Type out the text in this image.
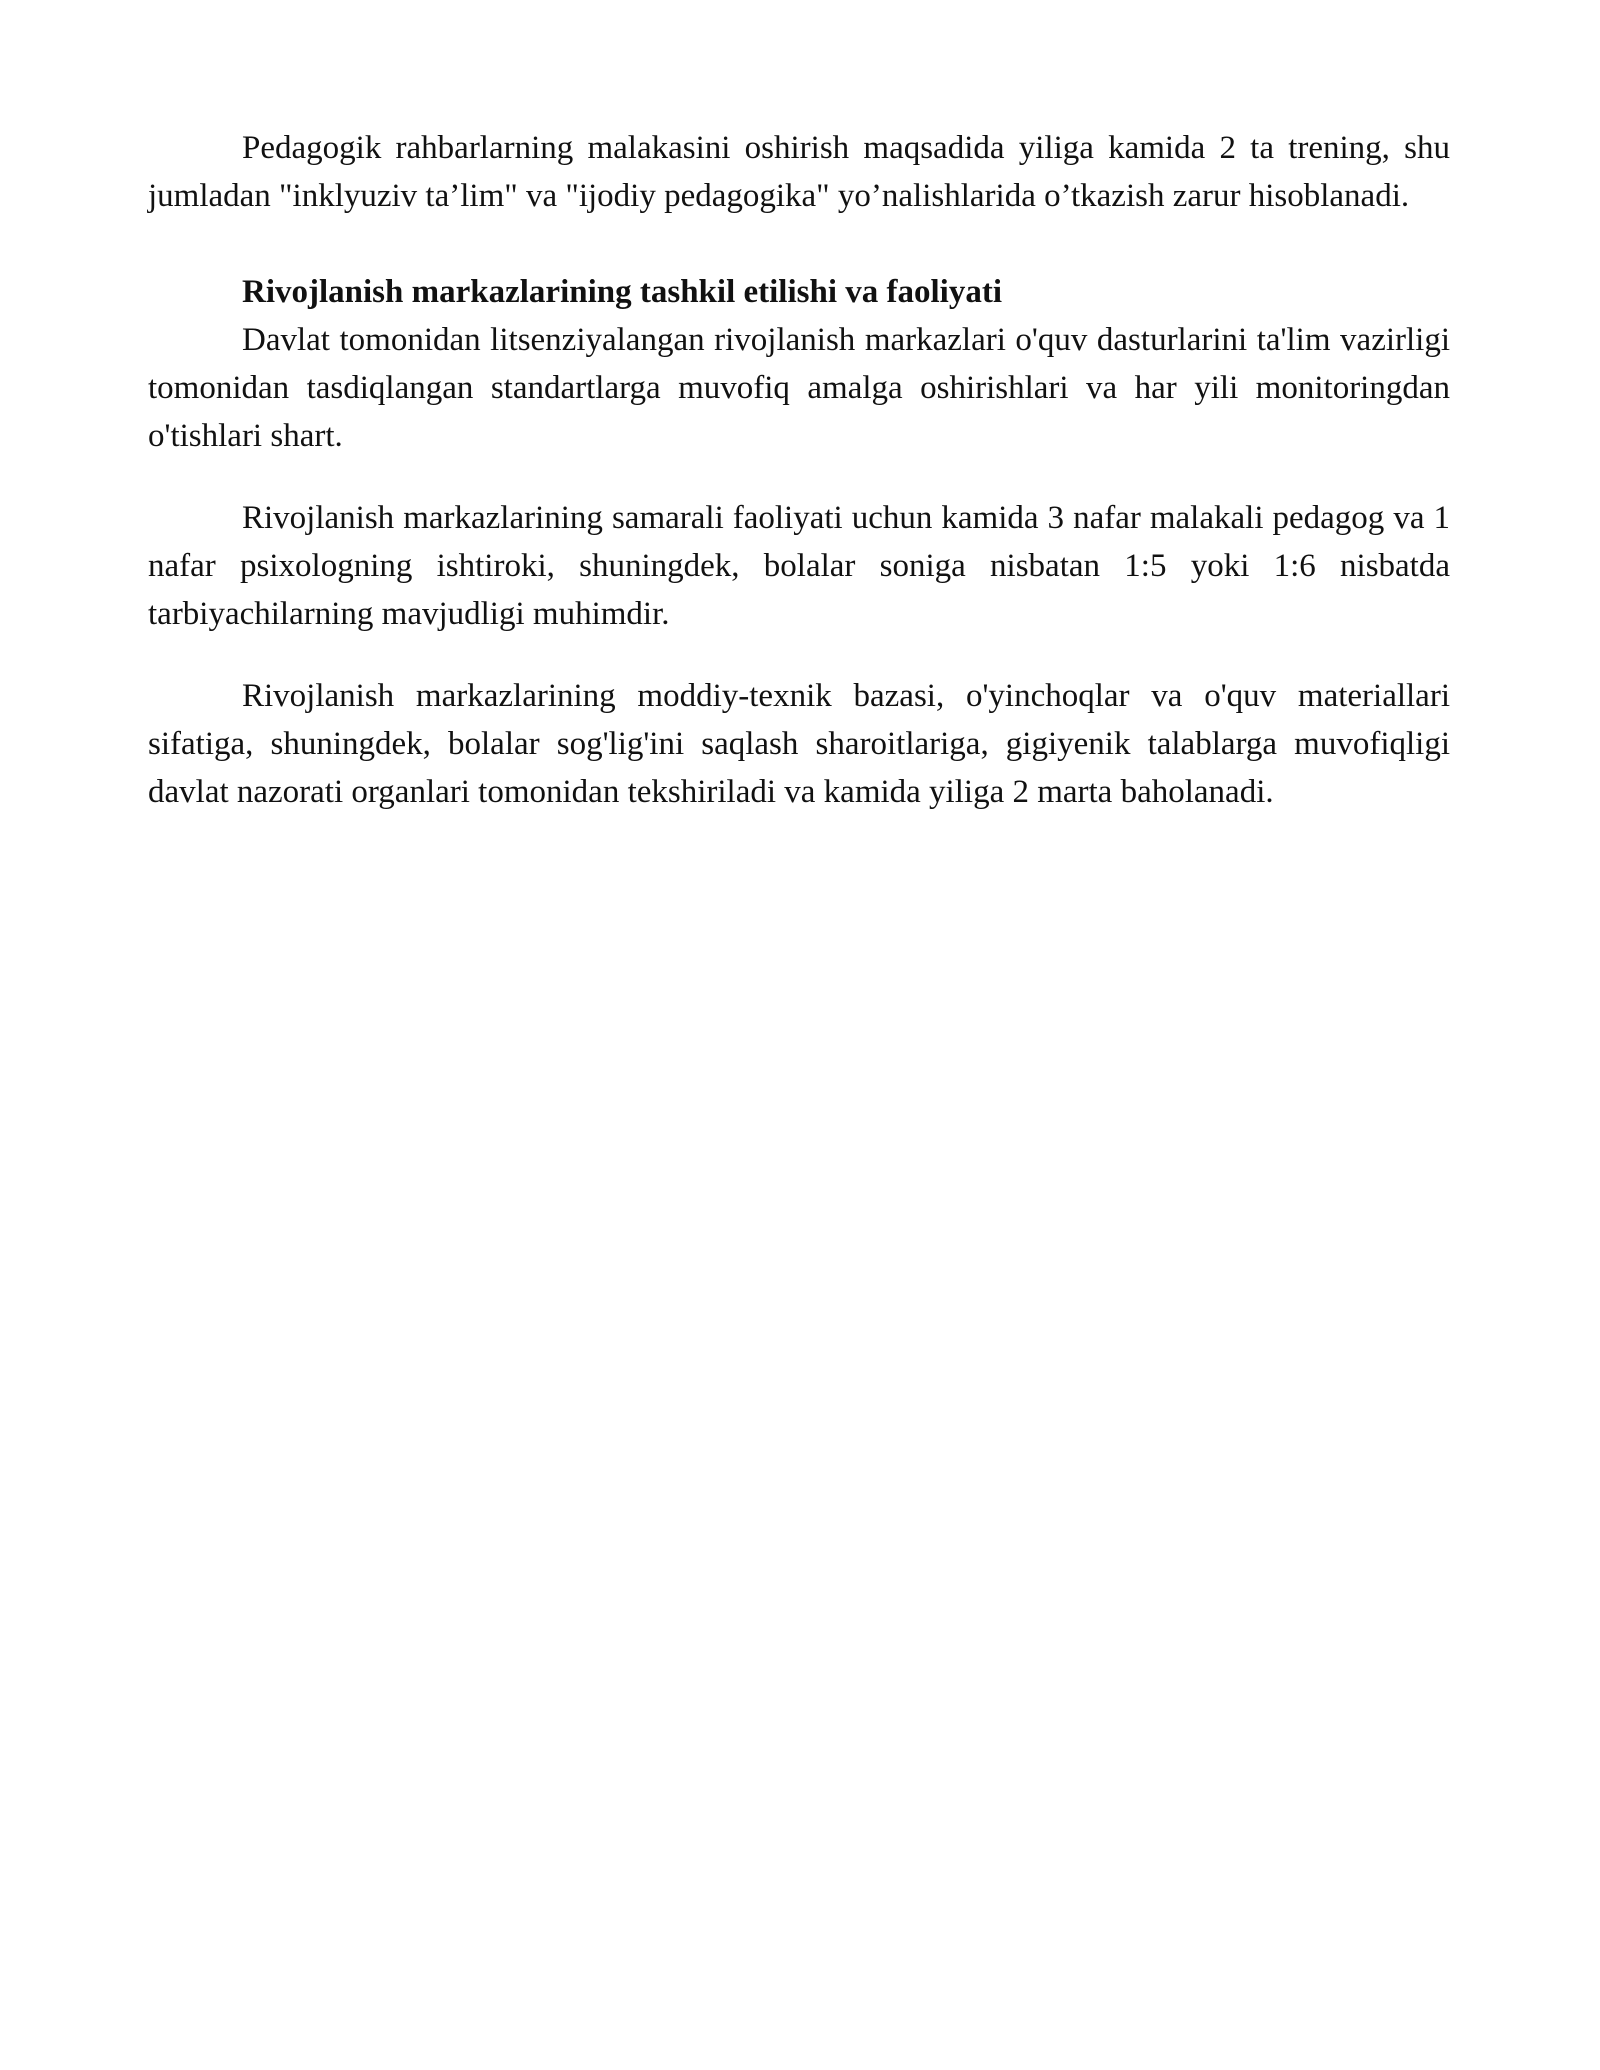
Pedagogik rahbarlarning malakasini oshirish maqsadida yiliga kamida 2 ta trening, shu jumladan "inklyuziv ta’lim" va "ijodiy pedagogika" yo’nalishlarida o’tkazish zarur hisoblanadi.

Rivojlanish markazlarining tashkil etilishi va faoliyati

Davlat tomonidan litsenziyalangan rivojlanish markazlari o'quv dasturlarini ta'lim vazirligi tomonidan tasdiqlangan standartlarga muvofiq amalga oshirishlari va har yili monitoringdan o'tishlari shart.

Rivojlanish markazlarining samarali faoliyati uchun kamida 3 nafar malakali pedagog va 1 nafar psixologning ishtiroki, shuningdek, bolalar soniga nisbatan 1:5 yoki 1:6 nisbatda tarbiyachilarning mavjudligi muhimdir.

Rivojlanish markazlarining moddiy-texnik bazasi, o'yinchoqlar va o'quv materiallari sifatiga, shuningdek, bolalar sog'lig'ini saqlash sharoitlariga, gigiyenik talablarga muvofiqligi davlat nazorati organlari tomonidan tekshiriladi va kamida yiliga 2 marta baholanadi.
